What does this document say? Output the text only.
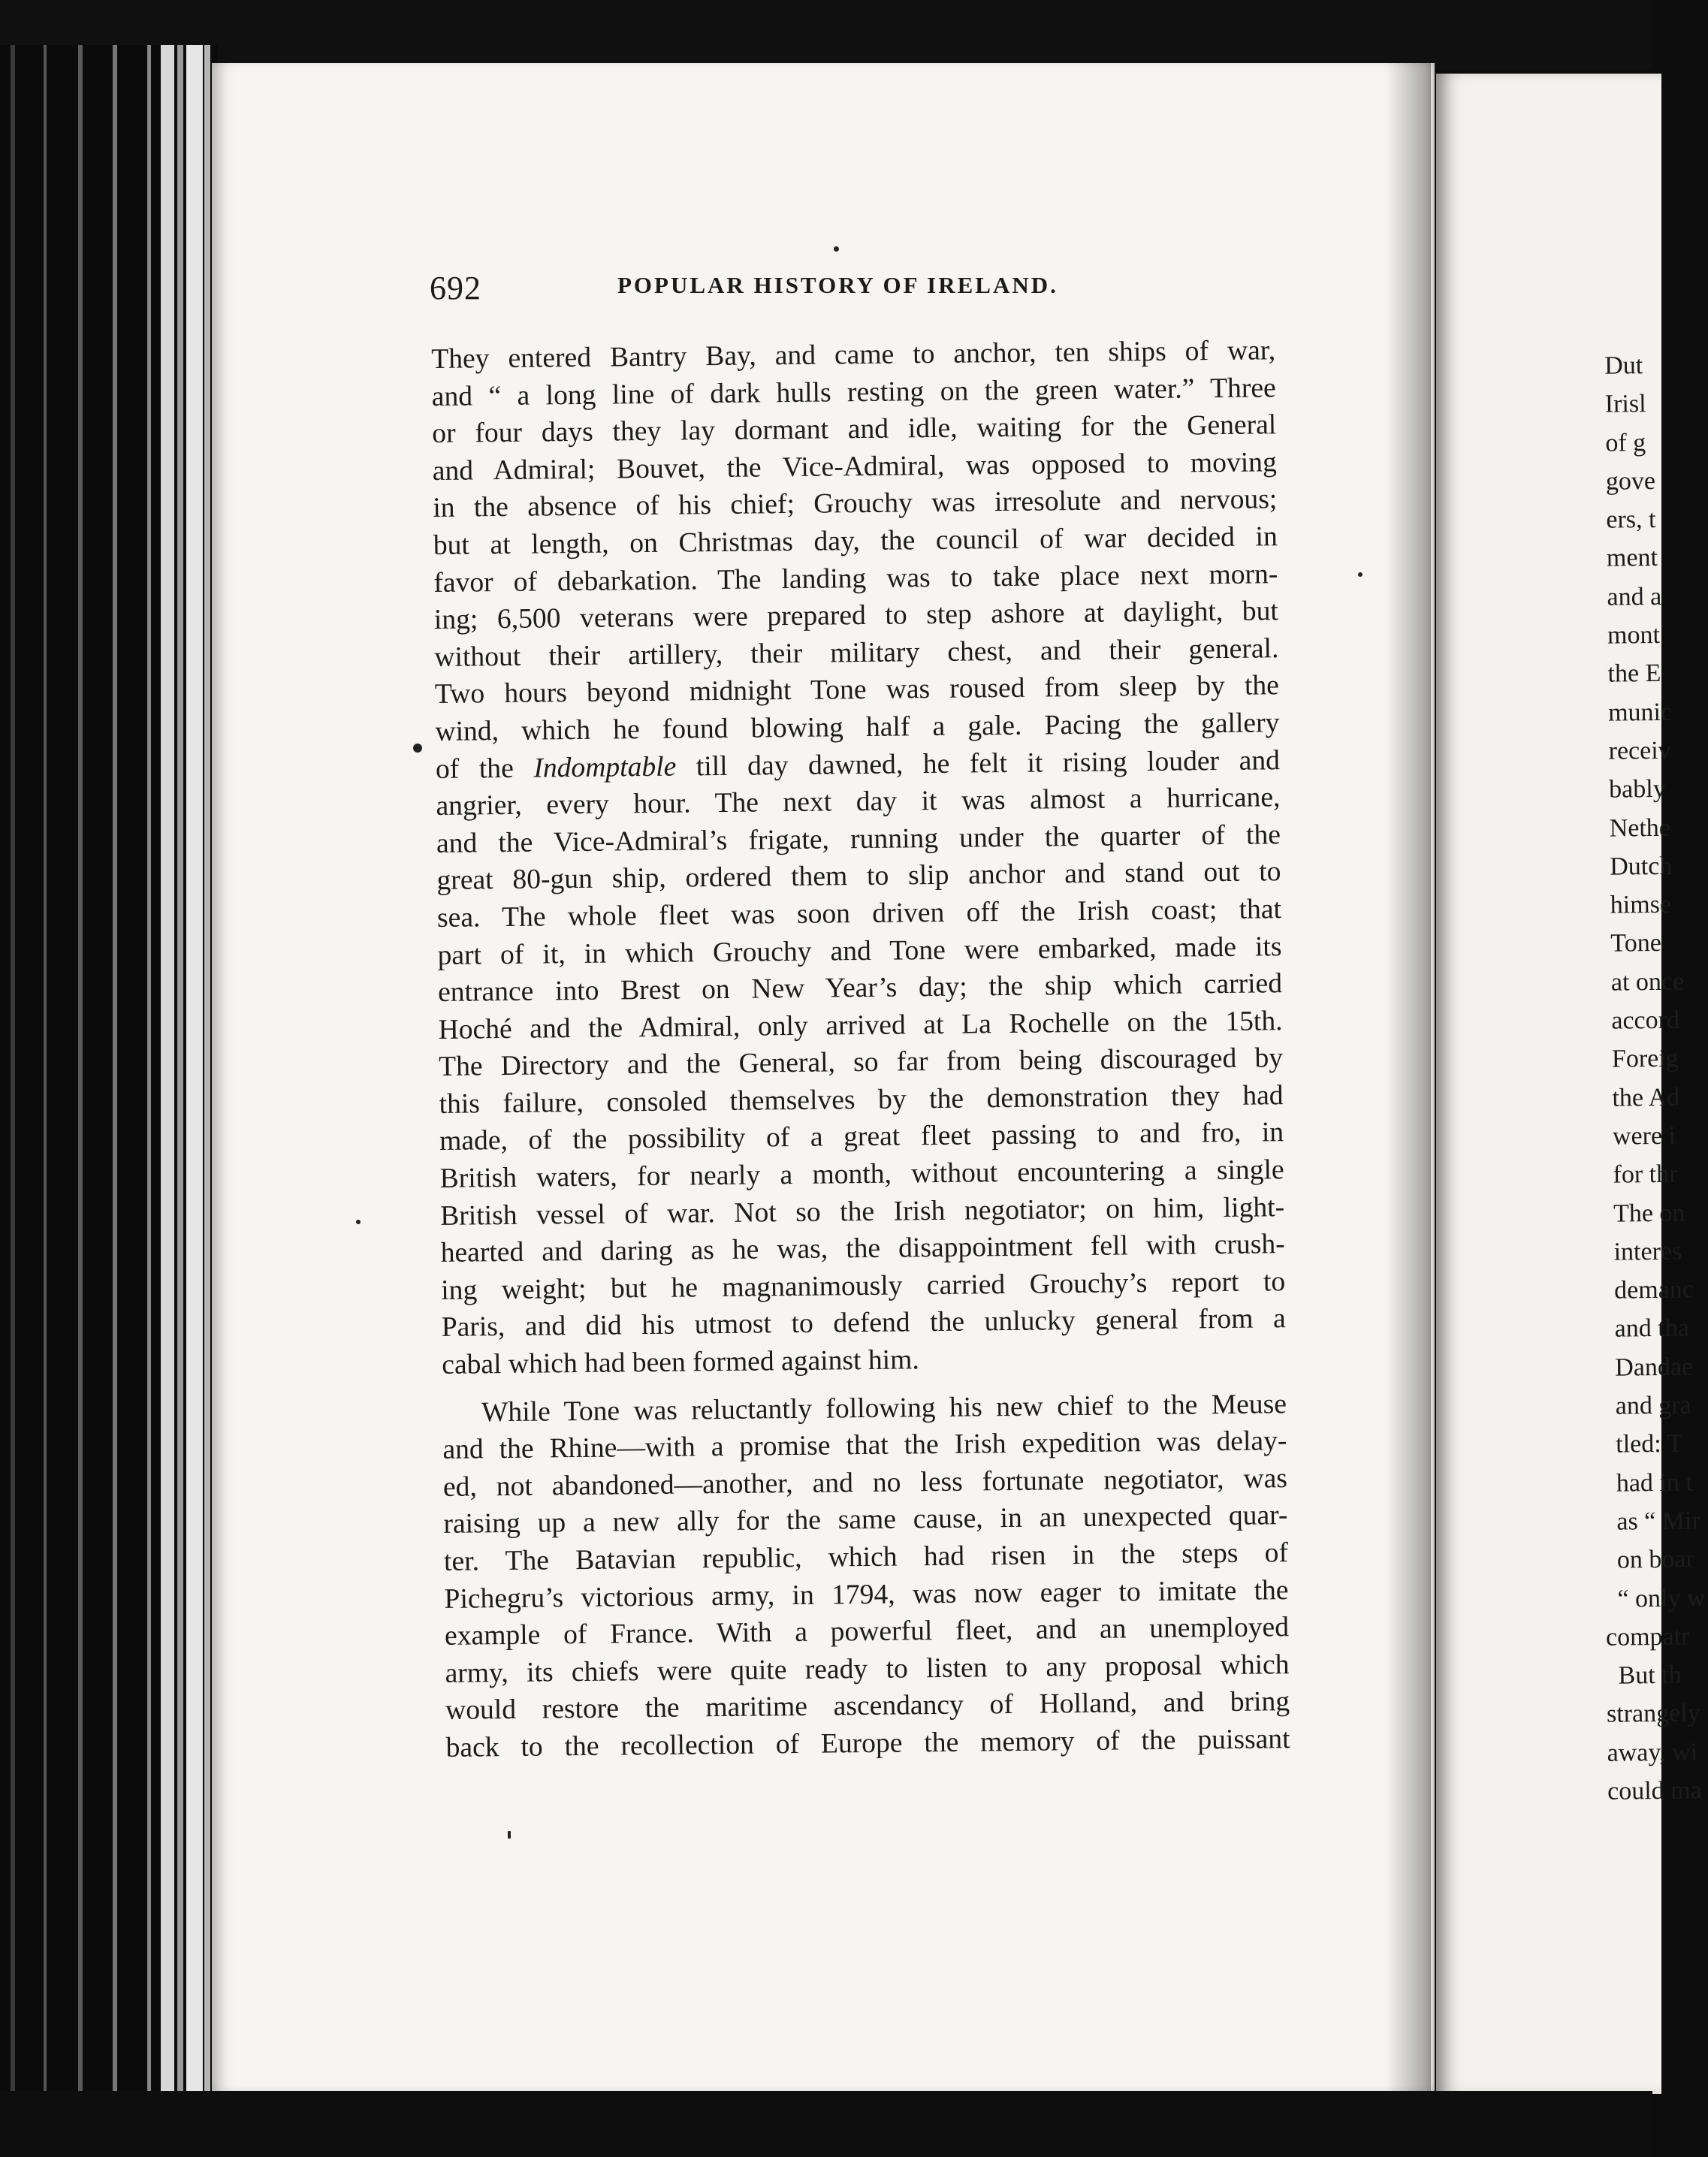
692	POPULAR HISTORY OF IRELAND.
They entered Bantry Bay, and came to anchor, ten ships of war,
and “ a long line of dark hulls resting on the green water.” Three
or four days they lay dormant and idle, waiting for the General
and Admiral; Bouvet, the Vice-Admiral, was opposed to moving
in the absence of his chief; Grouchy was irresolute and nervous;
but at length, on Christmas day, the council of war decided in
favor of debarkation. The landing was to take place next morn-
ing; 6,500 veterans were prepared to step ashore at daylight, but
without their artillery, their military chest, and their general.
Two hours beyond midnight Tone was roused from sleep by the
wind, which he found blowing half a gale. Pacing the gallery
of the Indomptable till day dawned, he felt it rising louder and
angrier, every hour. The next day it was almost a hurricane,
and the Vice-Admiral’s frigate, running under the quarter of the
great 80-gun ship, ordered them to slip anchor and stand out to
sea. The whole fleet was soon driven off the Irish coast; that
part of it, in which Grouchy and Tone were embarked, made its
entrance into Brest on New Year’s day; the ship which carried
Hoché and the Admiral, only arrived at La Rochelle on the 15th.
The Directory and the General, so far from being discouraged by
this failure, consoled themselves by the demonstration they had
made, of the possibility of a great fleet passing to and fro, in
British waters, for nearly a month, without encountering a single
British vessel of war. Not so the Irish negotiator; on him, light-
hearted and daring as he was, the disappointment fell with crush-
ing weight; but he magnanimously carried Grouchy’s report to
Paris, and did his utmost to defend the unlucky general from a
cabal which had been formed against him.
While Tone was reluctantly following his new chief to the Meuse
and the Rhine—with a promise that the Irish expedition was delay-
ed, not abandoned—another, and no less fortunate negotiator, was
raising up a new ally for the same cause, in an unexpected quar-
ter. The Batavian republic, which had risen in the steps of
Pichegru’s victorious army, in 1794, was now eager to imitate the
example of France. With a powerful fleet, and an unemployed
army, its chiefs were quite ready to listen to any proposal which
would restore the maritime ascendancy of Holland, and bring
back to the recollection of Europe the memory of the puissant
Dut
Irisl
of g
gove
ers, t
ment
and a
mont
the E
munic
receiv
bably
Nethe
Dutch
himse
Tone
at once
accord
Foreig
the Ad
were i
for thr
The on
interes
demanc
and tha
Dandae
and gra
tled: T
had in t
as “ Mir
on boar
“ only w
compatr
But th
strangely
away, wi
could ma
